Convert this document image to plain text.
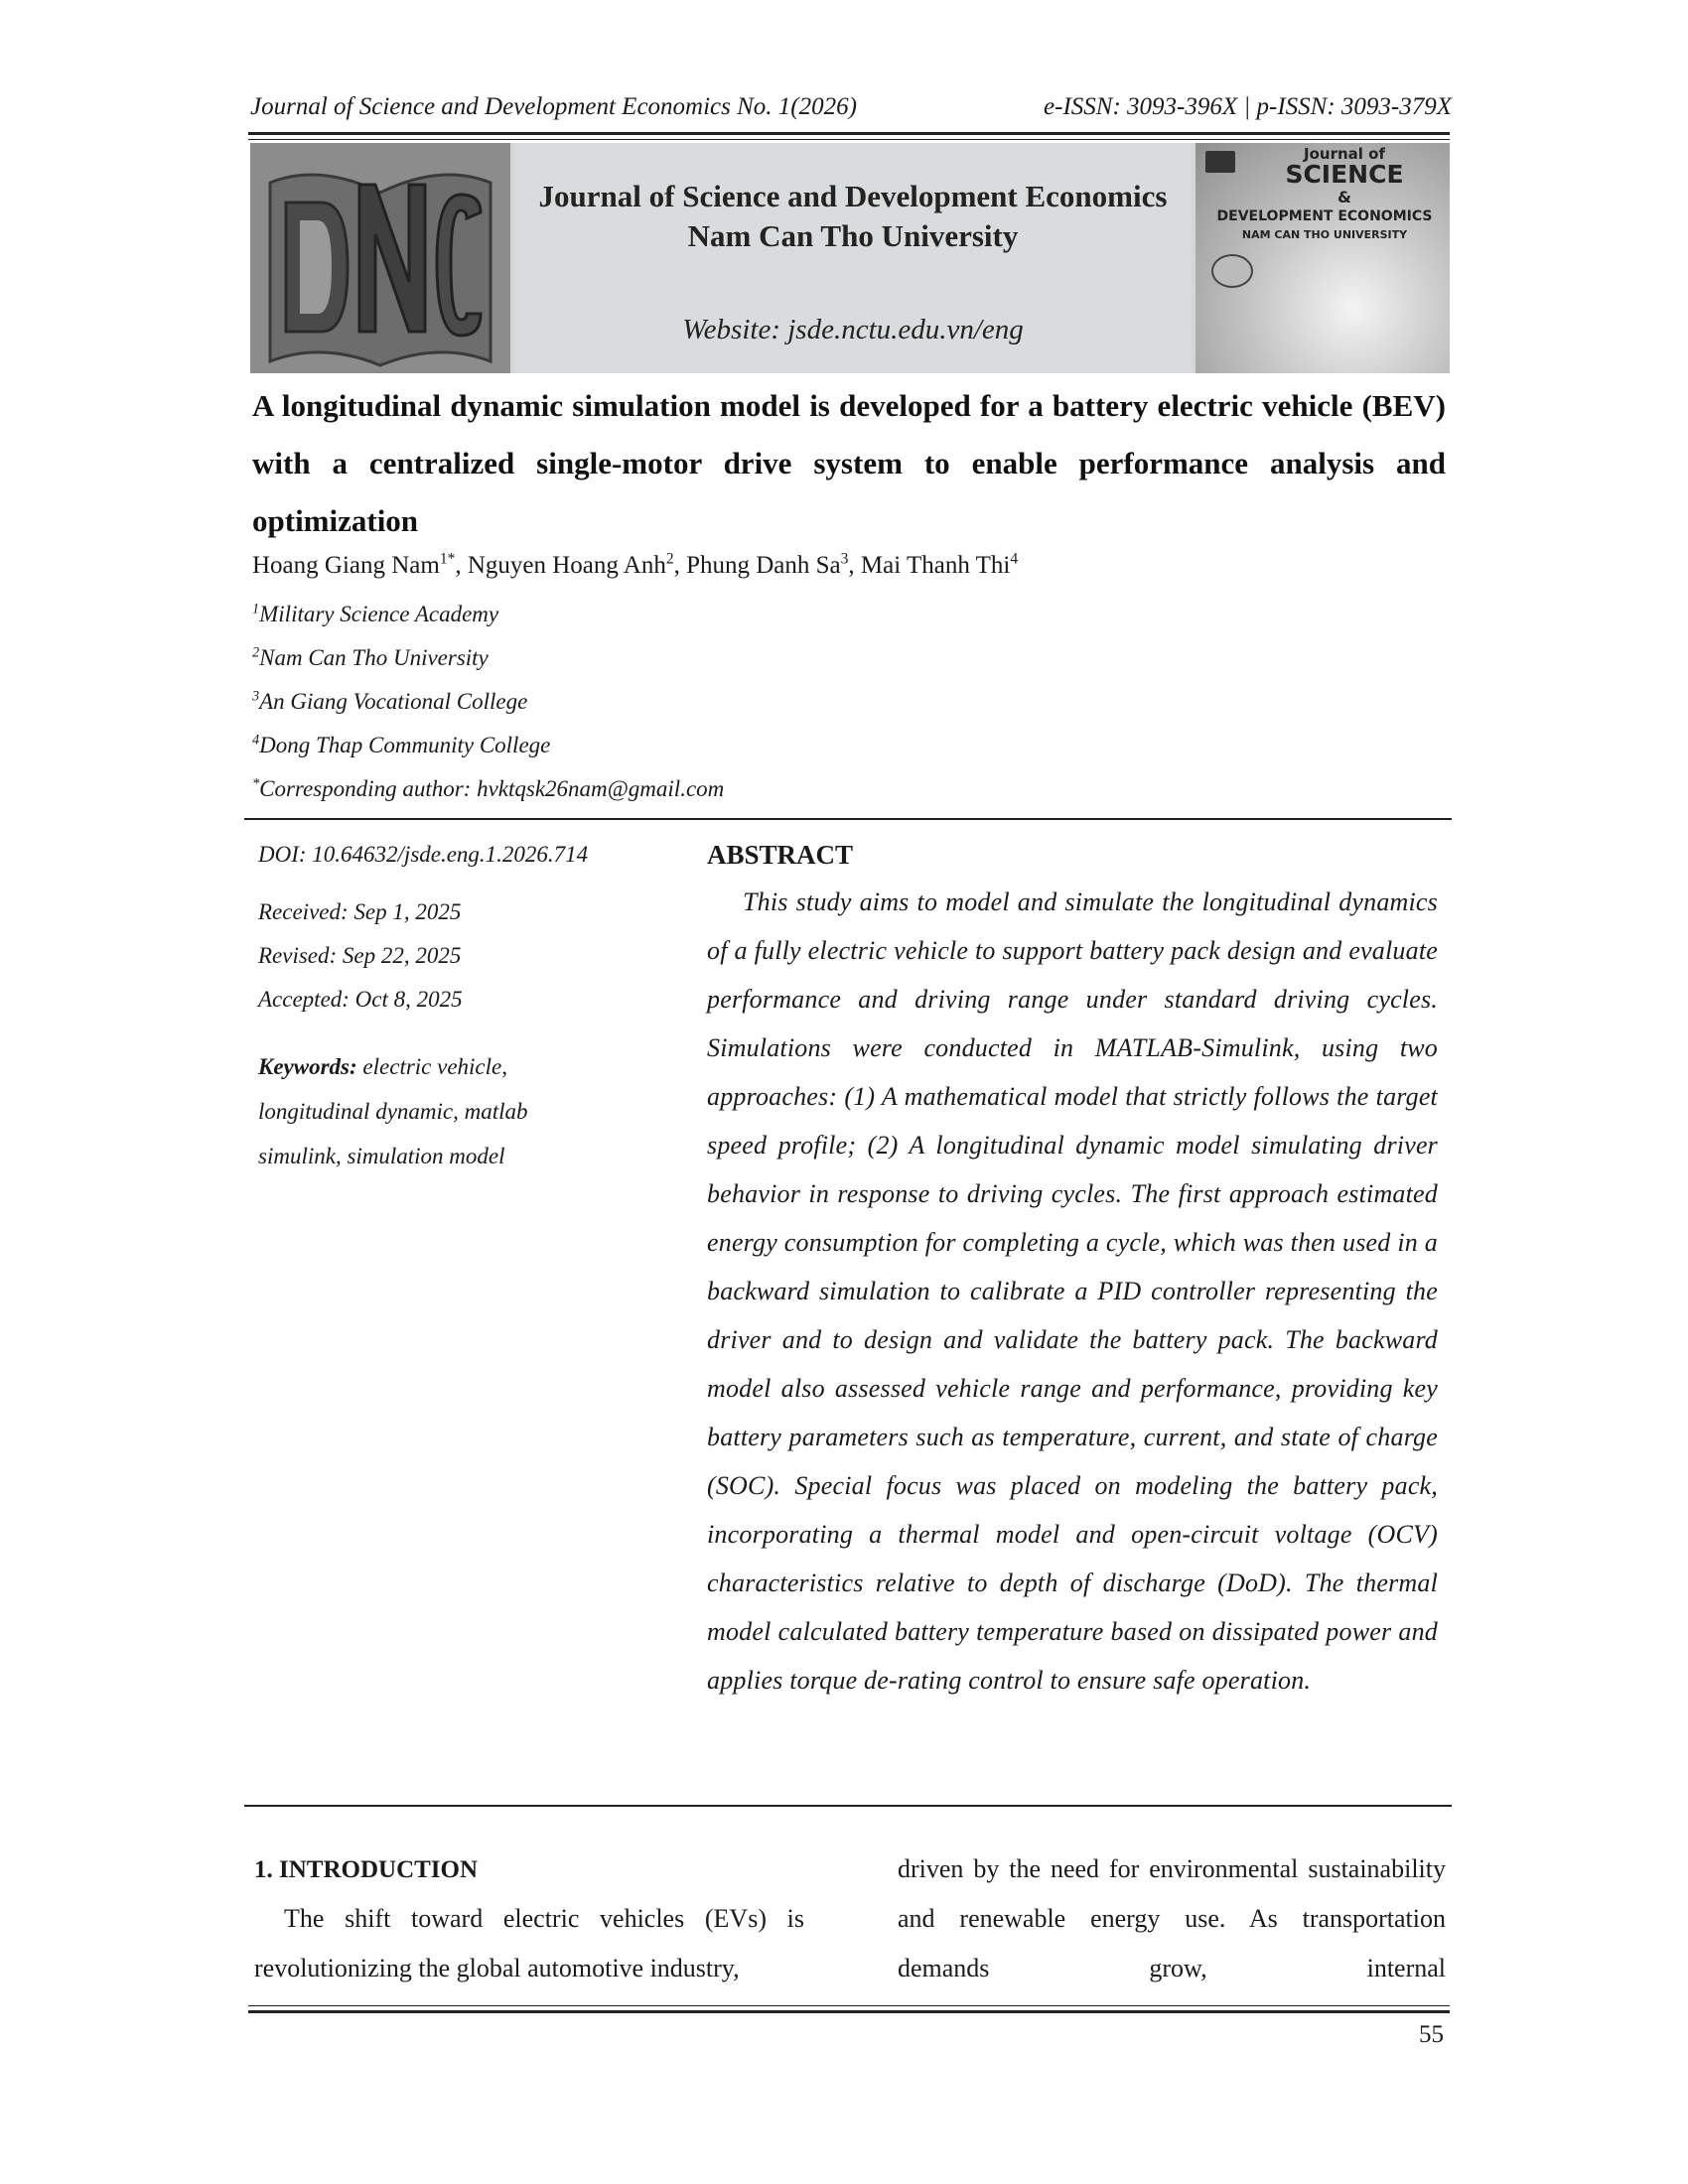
Journal of Science and Development Economics No. 1(2026)	e-ISSN: 3093-396X | p-ISSN: 3093-379X
Journal of Science and Development Economics
Nam Can Tho University
Website: jsde.nctu.edu.vn/eng
Journal of
SCIENCE
&
DEVELOPMENT ECONOMICS
NAM CAN THO UNIVERSITY
A longitudinal dynamic simulation model is developed for a battery electric vehicle (BEV) with a centralized single-motor drive system to enable performance analysis and optimization
Hoang Giang Nam$^{1*}$, Nguyen Hoang Anh$^2$, Phung Danh Sa$^3$, Mai Thanh Thi$^4$
$^1$Military Science Academy
$^2$Nam Can Tho University
$^3$An Giang Vocational College
$^4$Dong Thap Community College
*Corresponding author: hvktqsk26nam@gmail.com
DOI: 10.64632/jsde.eng.1.2026.714
Received: Sep 1, 2025
Revised: Sep 22, 2025
Accepted: Oct 8, 2025
Keywords: electric vehicle, longitudinal dynamic, matlab simulink, simulation model
ABSTRACT
This study aims to model and simulate the longitudinal dynamics of a fully electric vehicle to support battery pack design and evaluate performance and driving range under standard driving cycles. Simulations were conducted in MATLAB-Simulink, using two approaches: (1) A mathematical model that strictly follows the target speed profile; (2) A longitudinal dynamic model simulating driver behavior in response to driving cycles. The first approach estimated energy consumption for completing a cycle, which was then used in a backward simulation to calibrate a PID controller representing the driver and to design and validate the battery pack. The backward model also assessed vehicle range and performance, providing key battery parameters such as temperature, current, and state of charge (SOC). Special focus was placed on modeling the battery pack, incorporating a thermal model and open-circuit voltage (OCV) characteristics relative to depth of discharge (DoD). The thermal model calculated battery temperature based on dissipated power and applies torque de-rating control to ensure safe operation.
1. INTRODUCTION
The shift toward electric vehicles (EVs) is revolutionizing the global automotive industry,
driven by the need for environmental sustainability and renewable energy use. As transportation demands grow, internal
55
